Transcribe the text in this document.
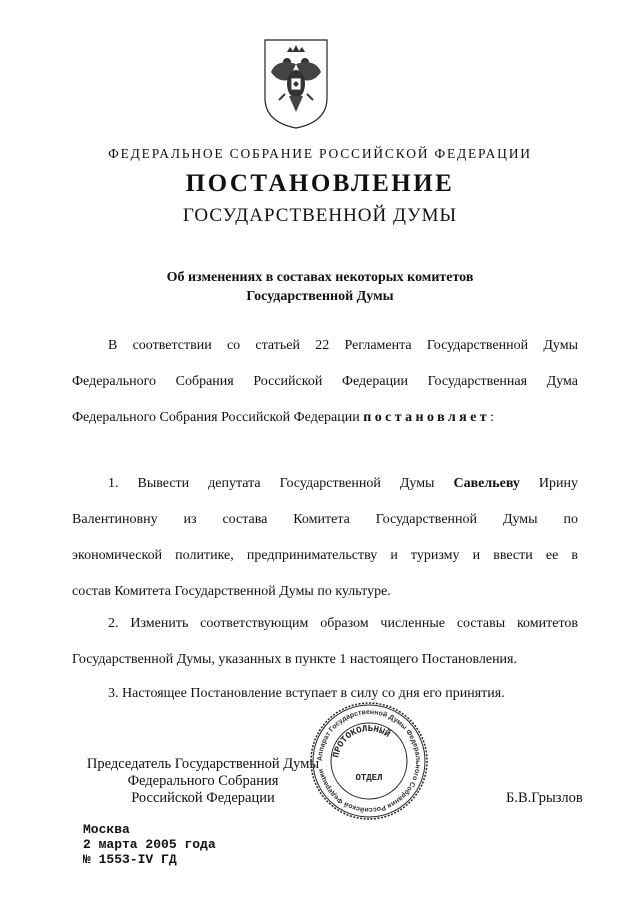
ФЕДЕРАЛЬНОЕ СОБРАНИЕ РОССИЙСКОЙ ФЕДЕРАЦИИ
ПОСТАНОВЛЕНИЕ
ГОСУДАРСТВЕННОЙ ДУМЫ
Об изменениях в составах некоторых комитетов
Государственной Думы
В соответствии со статьей 22 Регламента Государственной Думы
Федерального Собрания Российской Федерации Государственная Дума
Федерального Собрания Российской Федерации постановляет:
1. Вывести депутата Государственной Думы Савельеву Ирину
Валентиновну из состава Комитета Государственной Думы по
экономической политике, предпринимательству и туризму и ввести ее в
состав Комитета Государственной Думы по культуре.
2. Изменить соответствующим образом численные составы комитетов
Государственной Думы, указанных в пункте 1 настоящего Постановления.
3. Настоящее Постановление вступает в силу со дня его принятия.
Председатель Государственной Думы
Федерального Собрания
Российской Федерации	Б.В.Грызлов
Аппарат Государственной Думы Федерального Собрания Российской Федерации
ПРОТОКОЛЬНЫЙ
ОТДЕЛ
Москва
2 марта 2005 года
№ 1553-IV ГД
